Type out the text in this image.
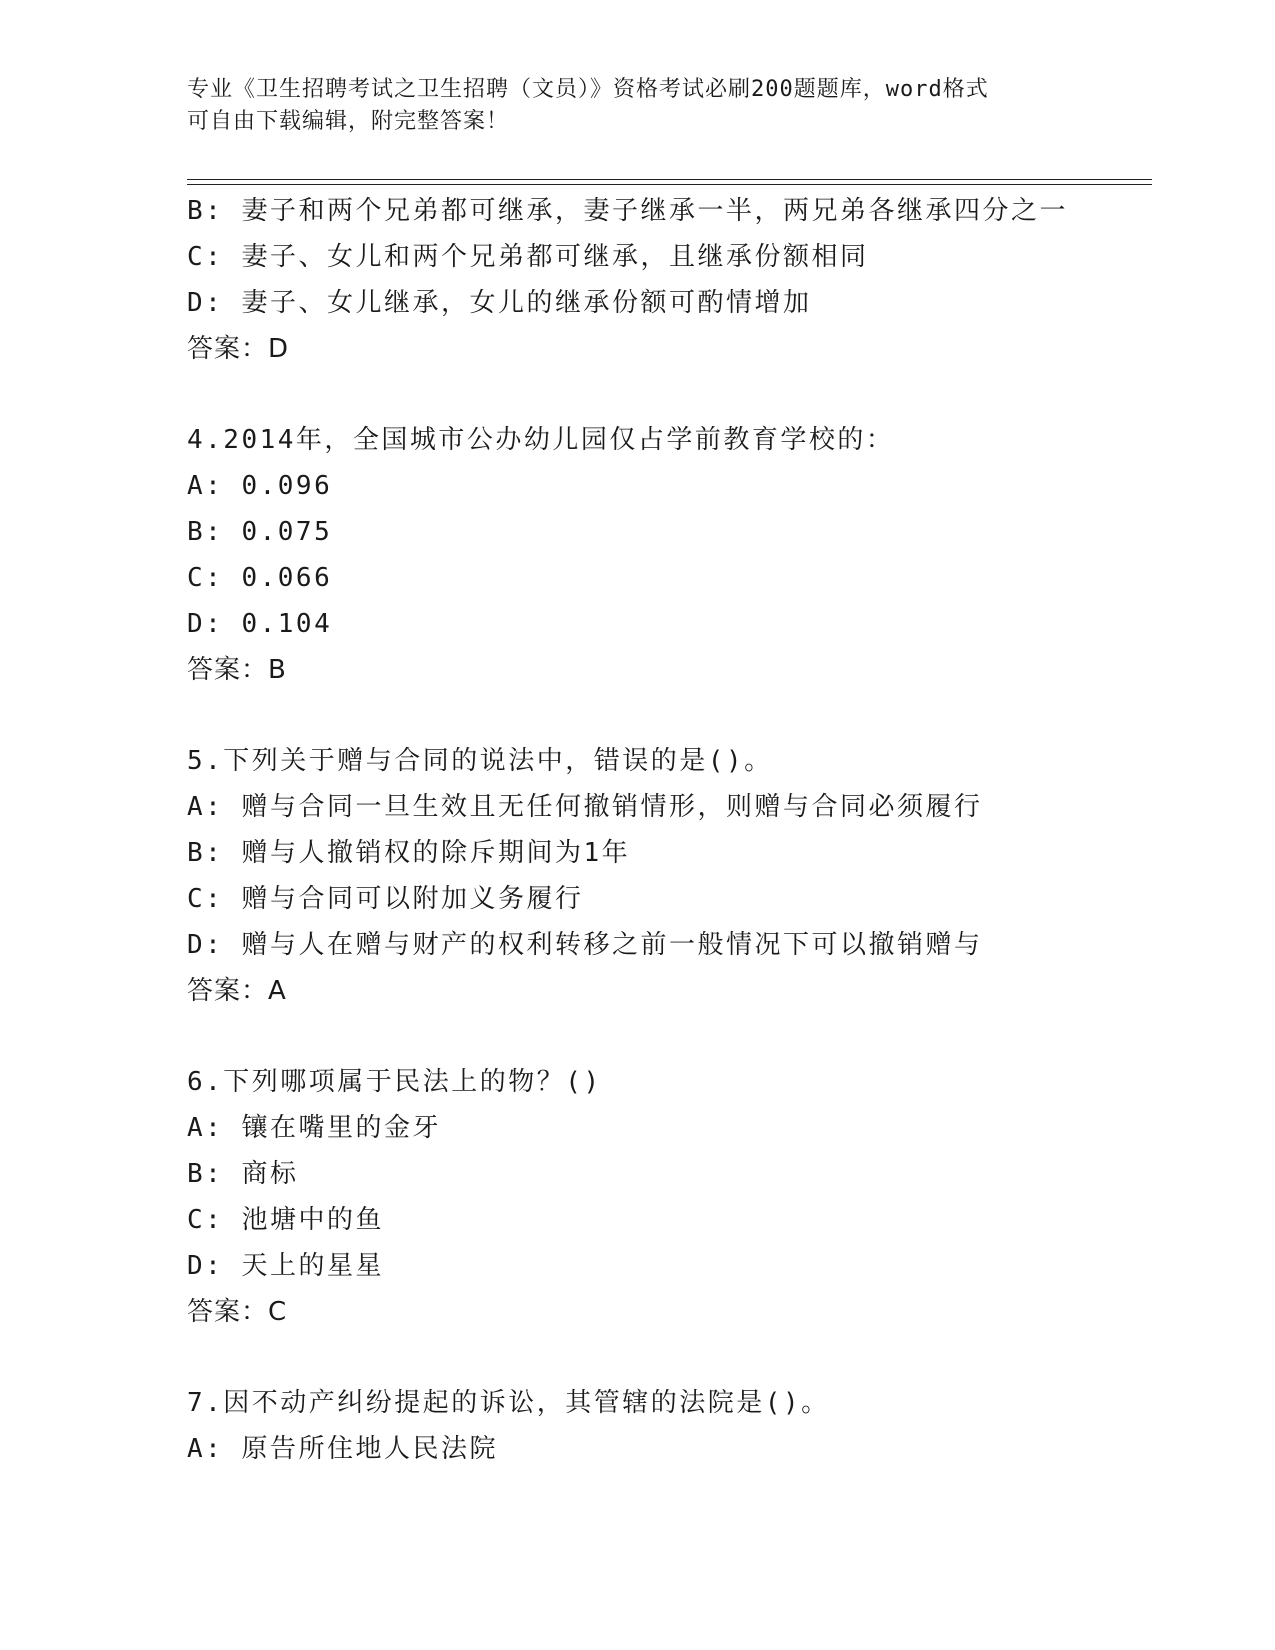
专业《卫生招聘考试之卫生招聘（文员）》资格考试必刷200题题库，word格式
可自由下载编辑，附完整答案！
B: 妻子和两个兄弟都可继承，妻子继承一半，两兄弟各继承四分之一
C: 妻子、女儿和两个兄弟都可继承，且继承份额相同
D: 妻子、女儿继承，女儿的继承份额可酌情增加
答案：D
4.2014年，全国城市公办幼儿园仅占学前教育学校的：
A: 0.096
B: 0.075
C: 0.066
D: 0.104
答案：B
5.下列关于赠与合同的说法中，错误的是()。
A: 赠与合同一旦生效且无任何撤销情形，则赠与合同必须履行
B: 赠与人撤销权的除斥期间为1年
C: 赠与合同可以附加义务履行
D: 赠与人在赠与财产的权利转移之前一般情况下可以撤销赠与
答案：A
6.下列哪项属于民法上的物？()
A: 镶在嘴里的金牙
B: 商标
C: 池塘中的鱼
D: 天上的星星
答案：C
7.因不动产纠纷提起的诉讼，其管辖的法院是()。
A: 原告所住地人民法院
